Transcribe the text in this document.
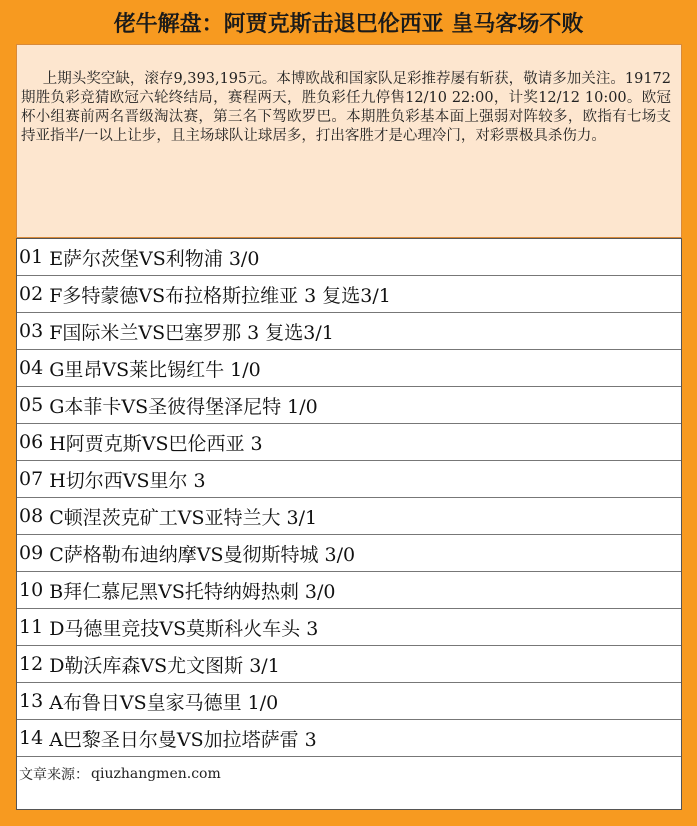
佬牛解盘：阿贾克斯击退巴伦西亚 皇马客场不败
上期头奖空缺，滚存9,393,195元。本博欧战和国家队足彩推荐屡有斩获，敬请多加关注。19172期胜负彩竞猜欧冠六轮终结局，赛程两天，胜负彩任九停售12/10 22:00，计奖12/12 10:00。欧冠杯小组赛前两名晋级淘汰赛，第三名下驾欧罗巴。本期胜负彩基本面上强弱对阵较多，欧指有七场支持亚指半/一以上让步，且主场球队让球居多，打出客胜才是心理冷门，对彩票极具杀伤力。
01 E萨尔茨堡VS利物浦 3/0
02 F多特蒙德VS布拉格斯拉维亚 3 复选3/1
03 F国际米兰VS巴塞罗那 3 复选3/1
04 G里昂VS莱比锡红牛 1/0
05 G本菲卡VS圣彼得堡泽尼特 1/0
06 H阿贾克斯VS巴伦西亚 3
07 H切尔西VS里尔 3
08 C顿涅茨克矿工VS亚特兰大 3/1
09 C萨格勒布迪纳摩VS曼彻斯特城 3/0
10 B拜仁慕尼黑VS托特纳姆热刺 3/0
11 D马德里竞技VS莫斯科火车头 3
12 D勒沃库森VS尤文图斯 3/1
13 A布鲁日VS皇家马德里 1/0
14 A巴黎圣日尔曼VS加拉塔萨雷 3
文章来源： qiuzhangmen.com
